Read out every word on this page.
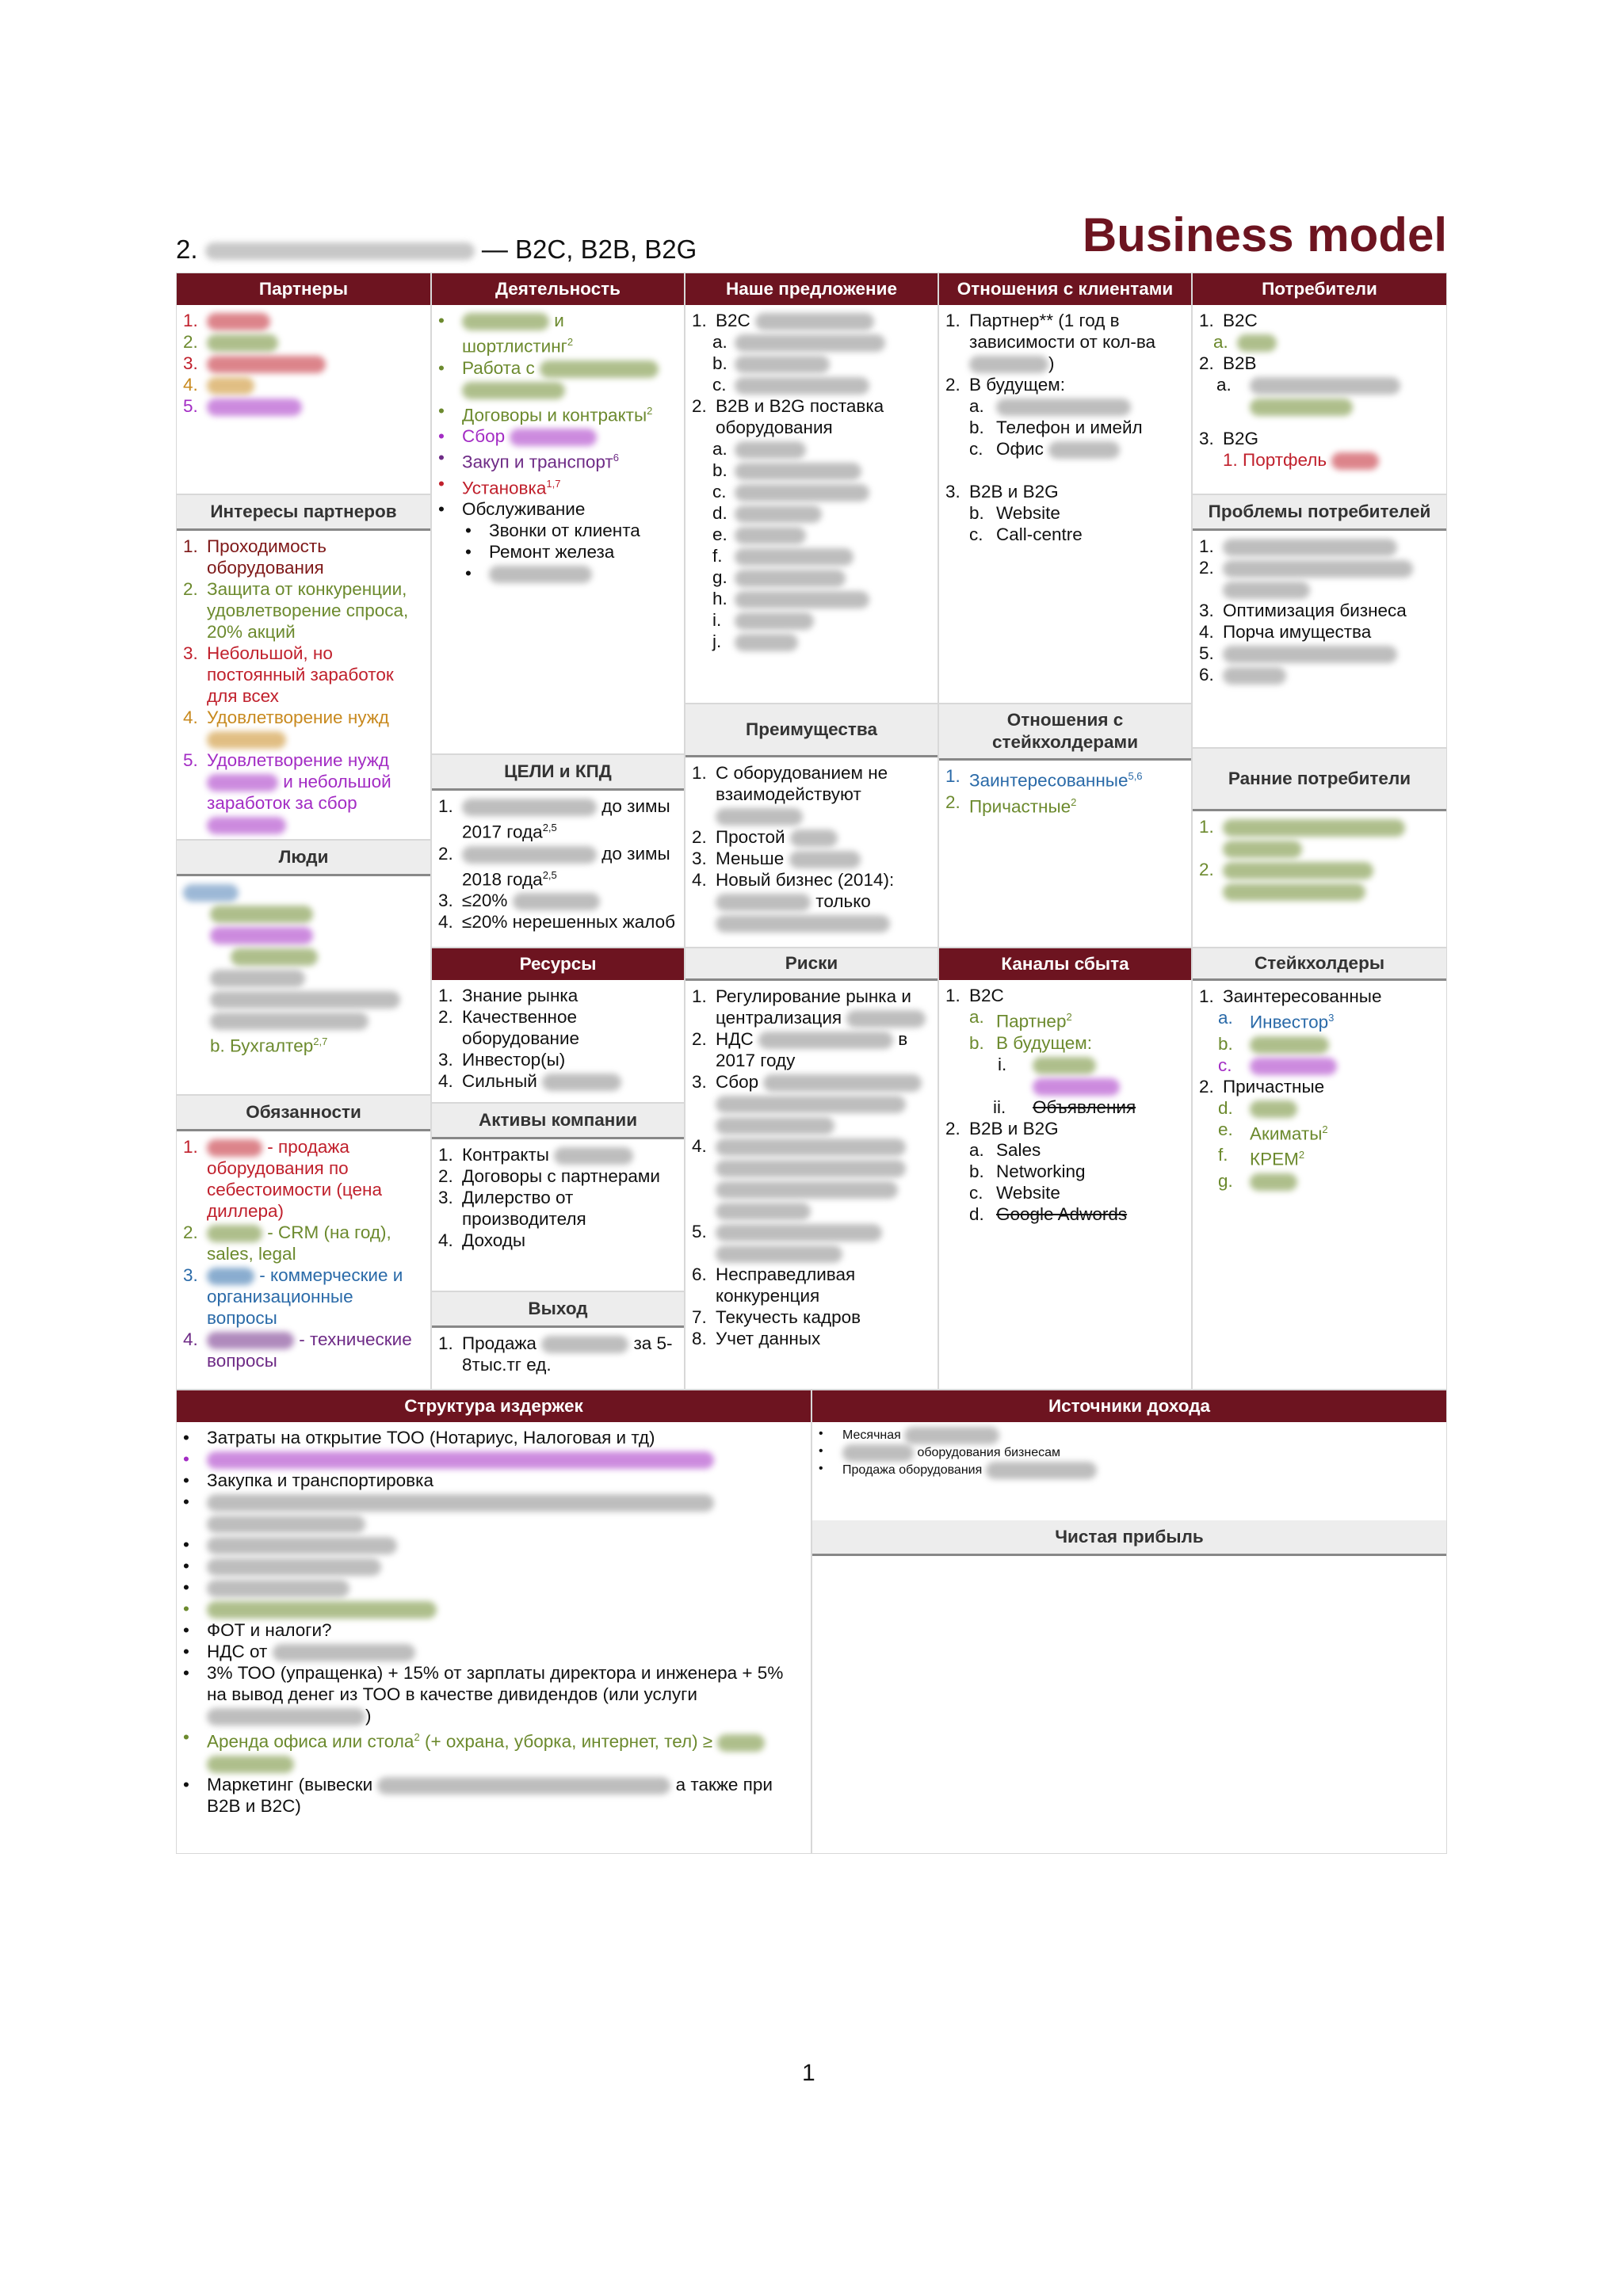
2.	— B2C, B2B, B2G	Business model
Партнеры
1.
2.
3.
4.
5.
Интересы партнеров
1. Проходимость оборудования
2. Защита от конкуренции, удовлетворение спроса, 20% акций
3. Небольшой, но постоянный заработок для всех
4. Удовлетворение нужд

5. Удовлетворение нужд
и небольшой заработок за сбор
Люди
b. Бухгалтер$^{2,7}$
Обязанности
1.	- продажа оборудования по себестоимости (цена диллера)
2.	- CRM (на год), sales, legal
3.	- коммерческие и организационные вопросы
4.	- технические вопросы
Деятельность
•	и шортлистинг$^2$
• Работа с

• Договоры и контракты$^2$
• Сбор
• Закуп и транспорт$^6$
• Установка$^{1,7}$
• Обслуживание
• Звонки от клиента
• Ремонт железа
•
ЦЕЛИ и КПД
1.	до зимы 2017 года$^{2,5}$
2.	до зимы 2018 года$^{2,5}$
3. ≤20%
4. ≤20% нерешенных жалоб
Ресурсы
1. Знание рынка
2. Качественное оборудование
3. Инвестор(ы)
4. Сильный
Активы компании
1. Контракты
2. Договоры с партнерами
3. Дилерство от производителя
4. Доходы
Выход
1. Продажа	за 5-8тыс.тг ед.
Наше предложение
1. B2C
a.
b.
c.
2. B2B и B2G поставка оборудования
a.
b.
c.
d.
e.
f.
g.
h.
i.
j.
Преимущества
1. С оборудованием не взаимодействуют
2. Простой
3. Меньше
4. Новый бизнес (2014):
только

Риски
1. Регулирование рынка и централизация
2. НДС	в 2017 году
3. Сбор

4.

5.

6. Несправедливая конкуренция
7. Текучесть кадров
8. Учет данных
Отношения с клиентами
1. Партнер** (1 год в зависимости от кол-ва )
2. В будущем:
a.
b. Телефон и имейл
c. Офис
3. B2B и B2G
b. Website
c. Call-centre
Отношения с стейкхолдерами
1. Заинтересованные$^{5,6}$
2. Причастные$^2$
Каналы сбыта
1. B2C
a. Партнер$^2$
b. В будущем:
i.

ii. Объявления
2. B2B и B2G
a. Sales
b. Networking
c. Website
d. Google Adwords
Потребители
1. B2C
a.
2. B2B
a.

3. B2G
1. Портфель
Проблемы потребителей
1.
2.

3. Оптимизация бизнеса
4. Порча имущества
5.
6.
Ранние потребители
1.

2.

Стейкхолдеры
1. Заинтересованные
a. Инвестор$^3$
b.
c.
2. Причастные
d.
e. Акиматы$^2$
f. КРЕМ$^2$
g.
Структура издержек
• Затраты на открытие ТОО (Нотариус, Налоговая и тд)
•
• Закупка и транспортировка
•

•
•
•
•
• ФОТ и налоги?
• НДС от
• 3% ТОО (упращенка) + 15% от зарплаты директора и инженера + 5% на вывод денег из ТОО в качестве дивидендов (или услуги )
• Аренда офиса или стола$^2$ (+ охрана, уборка, интернет, тел) ≥

• Маркетинг (вывески	а также при B2B и B2C)
Источники дохода
• Месячная
•	оборудования бизнесам
• Продажа оборудования
Чистая прибыль
1
